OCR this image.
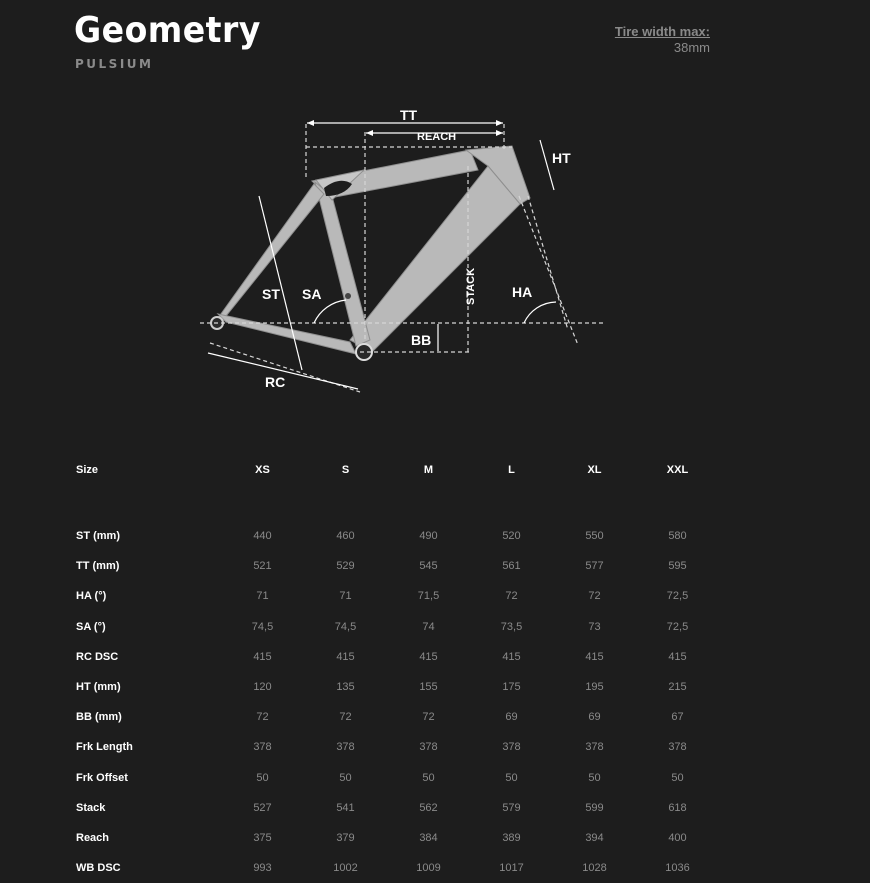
Geometry
PULSIUM
Tire width max:
38mm
TT
REACH
HT
ST SA	STACK	HA
BB
RC
Size	XS	S	M	L	XL	XXL

ST (mm)	440	460	490	520	550	580
TT (mm)	521	529	545	561	577	595
HA (°)	71	71	71,5	72	72	72,5
SA (°)	74,5	74,5	74	73,5	73	72,5
RC DSC	415	415	415	415	415	415
HT (mm)	120	135	155	175	195	215
BB (mm)	72	72	72	69	69	67
Frk Length	378	378	378	378	378	378
Frk Offset	50	50	50	50	50	50
Stack	527	541	562	579	599	618
Reach	375	379	384	389	394	400
WB DSC	993	1002	1009	1017	1028	1036
